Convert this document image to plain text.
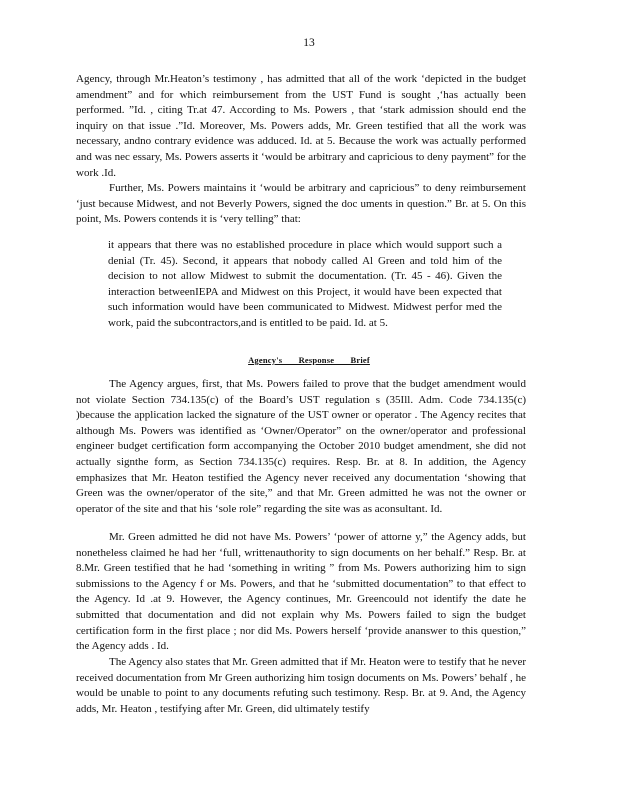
13

Agency, through Mr.Heaton’s testimony , has admitted that all of the work ‘depicted in the budget amendment” and for which reimbursement from the UST Fund is sought ,‘has actually been performed. ”Id. , citing Tr.at 47. According to Ms. Powers , that ‘stark admission should end the inquiry on that issue .”Id. Moreover, Ms. Powers adds, Mr. Green testified that all the work was necessary, andno contrary evidence was adduced. Id. at 5. Because the work was actually performed and was nec essary, Ms. Powers asserts it ‘would be arbitrary and capricious to deny payment” for the work .Id.

Further, Ms. Powers maintains it ‘would be arbitrary and capricious” to deny reimbursement ‘just because Midwest, and not Beverly Powers, signed the doc uments in question.” Br. at 5. On this point, Ms. Powers contends it is ‘very telling” that:

it appears that there was no established procedure in place which would support such a denial (Tr. 45). Second, it appears that nobody called Al Green and told him of the decision to not allow Midwest to submit the documentation. (Tr. 45 - 46). Given the interaction betweenIEPA and Midwest on this Project, it would have been expected that such information would have been communicated to Midwest. Midwest perfor med the work, paid the subcontractors,and is entitled to be paid. Id. at 5.

Agency's Response Brief

The Agency argues, first, that Ms. Powers failed to prove that the budget amendment would not violate Section 734.135(c) of the Board’s UST regulation s (35Ill. Adm. Code 734.135(c) )because the application lacked the signature of the UST owner or operator . The Agency recites that although Ms. Powers was identified as ‘Owner/Operator” on the owner/operator and professional engineer budget certification form accompanying the October 2010 budget amendment, she did not actually signthe form, as Section 734.135(c) requires. Resp. Br. at 8. In addition, the Agency emphasizes that Mr. Heaton testified the Agency never received any documentation ‘showing that Green was the owner/operator of the site,” and that Mr. Green admitted he was not the owner or operator of the site and that his ‘sole role” regarding the site was as aconsultant. Id.

Mr. Green admitted he did not have Ms. Powers’ ‘power of attorne y,” the Agency adds, but nonetheless claimed he had her ‘full, writtenauthority to sign documents on her behalf.” Resp. Br. at 8.Mr. Green testified that he had ‘something in writing ” from Ms. Powers authorizing him to sign submissions to the Agency f or Ms. Powers, and that he ‘submitted documentation” to that effect to the Agency. Id .at 9. However, the Agency continues, Mr. Greencould not identify the date he submitted that documentation and did not explain why Ms. Powers failed to sign the budget certification form in the first place ; nor did Ms. Powers herself ‘provide ananswer to this question,” the Agency adds . Id.

The Agency also states that Mr. Green admitted that if Mr. Heaton were to testify that he never received documentation from Mr Green authorizing him tosign documents on Ms. Powers’ behalf , he would be unable to point to any documents refuting such testimony. Resp. Br. at 9. And, the Agency adds, Mr. Heaton , testifying after Mr. Green, did ultimately testify
